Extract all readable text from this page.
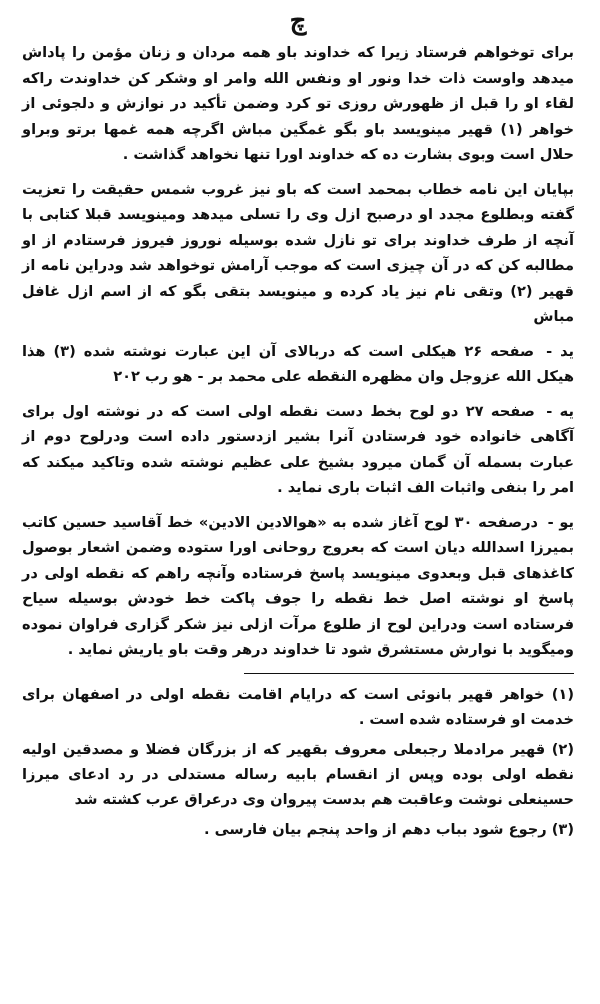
چ

برای توخواهم فرستاد زیرا که خداوند باو همه مردان و زنان مؤمن را پاداش میدهد واوست ذات خدا ونور او ونفس الله وامر او وشکر کن خداوندت راکه لقاء او را قبل از ظهورش روزی تو کرد وضمن تأکید در نوازش و دلجوئی از خواهر (۱) قهیر مینویسد باو بگو غمگین مباش اگرچه همه غمها برتو وبراو حلال است وبوی بشارت ده که خداوند اورا تنها نخواهد گذاشت .

بپایان این نامه خطاب بمحمد است که باو نیز غروب شمس حقیقت را تعزیت گفته وبطلوع مجدد او درصبح ازل وی را تسلی میدهد ومینویسد قبلا کتابی با آنچه از طرف خداوند برای تو نازل شده بوسیله نوروز فیروز فرستادم از او مطالبه کن که در آن چیزی است که موجب آرامش توخواهد شد ودراین نامه از قهیر (۲) وتقی نام نیز یاد کرده و مینویسد بتقی بگو که از اسم ازل غافل مباش

ید - صفحه ۲۶ هیکلی است که دربالای آن این عبارت نوشته شده (۳) هذا هیکل الله عزوجل وان مظهره النقطه علی محمد بر - هو رب ۲۰۲

یه - صفحه ۲۷ دو لوح بخط دست نقطه اولی است که در نوشته اول برای آگاهی خانواده خود فرستادن آنرا بشیر ازدستور داده است ودرلوح دوم از عبارت بسمله آن گمان میرود بشیخ علی عظیم نوشته شده وتاکید میکند که امر را بنفی واثبات الف اثبات باری نماید .

یو - درصفحه ۳۰ لوح آغاز شده به «هوالادین الادین» خط آقاسید حسین کاتب بمیرزا اسدالله دیان است که بعروج روحانی اورا ستوده وضمن اشعار بوصول کاغذهای قبل وبعدوی مینویسد پاسخ فرستاده وآنچه راهم که نقطه اولی در پاسخ او نوشته اصل خط نقطه را جوف پاکت خط خودش بوسیله سیاح فرستاده است ودراین لوح از طلوع مرآت ازلی نیز شکر گزاری فراوان نموده ومیگوید با نوارش مستشرق شود تا خداوند درهر وقت باو یاریش نماید .

(۱) خواهر قهیر بانوئی است که درایام اقامت نقطه اولی در اصفهان برای خدمت او فرستاده شده است .

(۲) قهیر مرادملا رجبعلی معروف بقهیر که از بزرگان فضلا و مصدقین اولیه نقطه اولی بوده وپس از انقسام بابیه رساله مستدلی در رد ادعای میرزا حسینعلی نوشت وعاقبت هم بدست پیروان وی درعراق عرب کشته شد

(۳) رجوع شود بباب دهم از واحد پنجم بیان فارسی .
